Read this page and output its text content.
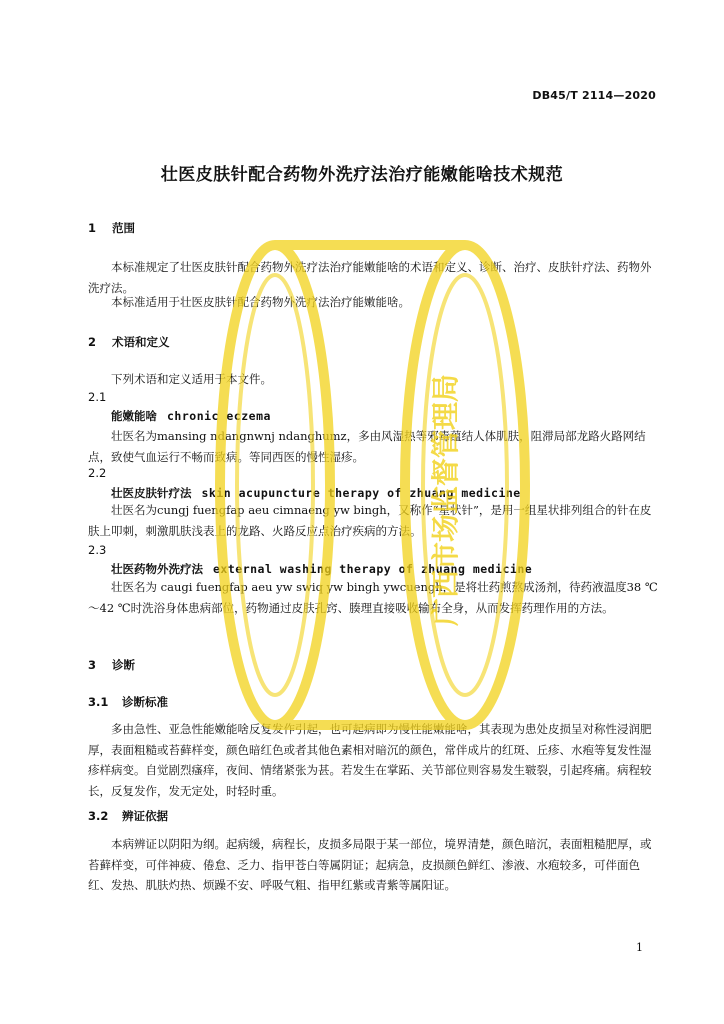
DB45/T 2114—2020
壮医皮肤针配合药物外洗疗法治疗能嫩能啥技术规范
1 范围
本标准规定了壮医皮肤针配合药物外洗疗法治疗能嫩能啥的术语和定义、诊断、治疗、皮肤针疗法、药物外洗疗法。
本标准适用于壮医皮肤针配合药物外洗疗法治疗能嫩能啥。
2 术语和定义
下列术语和定义适用于本文件。
2.1
能嫩能啥 chronic eczema
壮医名为mansing ndangnwnj ndanghumz，多由风湿热等邪毒蕴结人体肌肤，阻滞局部龙路火路网结点，致使气血运行不畅而致病。等同西医的慢性湿疹。
2.2
壮医皮肤针疗法 skin acupuncture therapy of zhuang medicine
壮医名为cungj fuengfap aeu cimnaeng yw bingh，又称作“星状针”，是用一组星状排列组合的针在皮肤上叩刺，刺激肌肤浅表上的龙路、火路反应点治疗疾病的方法。
2.3
壮医药物外洗疗法 external washing therapy of zhuang medicine
壮医名为 caugi fuengfap aeu yw swiq yw bingh ywcuengh，是将壮药煎熬成汤剂，待药液温度38 ℃～42 ℃时洗浴身体患病部位，药物通过皮肤孔窍、腠理直接吸收输布全身，从而发挥药理作用的方法。
3 诊断
3.1 诊断标准
多由急性、亚急性能嫩能啥反复发作引起，也可起病即为慢性能嫩能啥，其表现为患处皮损呈对称性浸润肥厚，表面粗糙或苔藓样变，颜色暗红色或者其他色素相对暗沉的颜色，常伴成片的红斑、丘疹、水疱等复发性湿疹样病变。自觉剧烈瘙痒，夜间、情绪紧张为甚。若发生在掌跖、关节部位则容易发生皲裂，引起疼痛。病程较长，反复发作，发无定处，时轻时重。
3.2 辨证依据
本病辨证以阴阳为纲。起病缓，病程长，皮损多局限于某一部位，境界清楚，颜色暗沉，表面粗糙肥厚，或苔藓样变，可伴神疲、倦怠、乏力、指甲苍白等属阴证；起病急，皮损颜色鲜红、渗液、水疱较多，可伴面色红、发热、肌肤灼热、烦躁不安、呼吸气粗、指甲红紫或青紫等属阳证。
1
广西市场监督管理局
